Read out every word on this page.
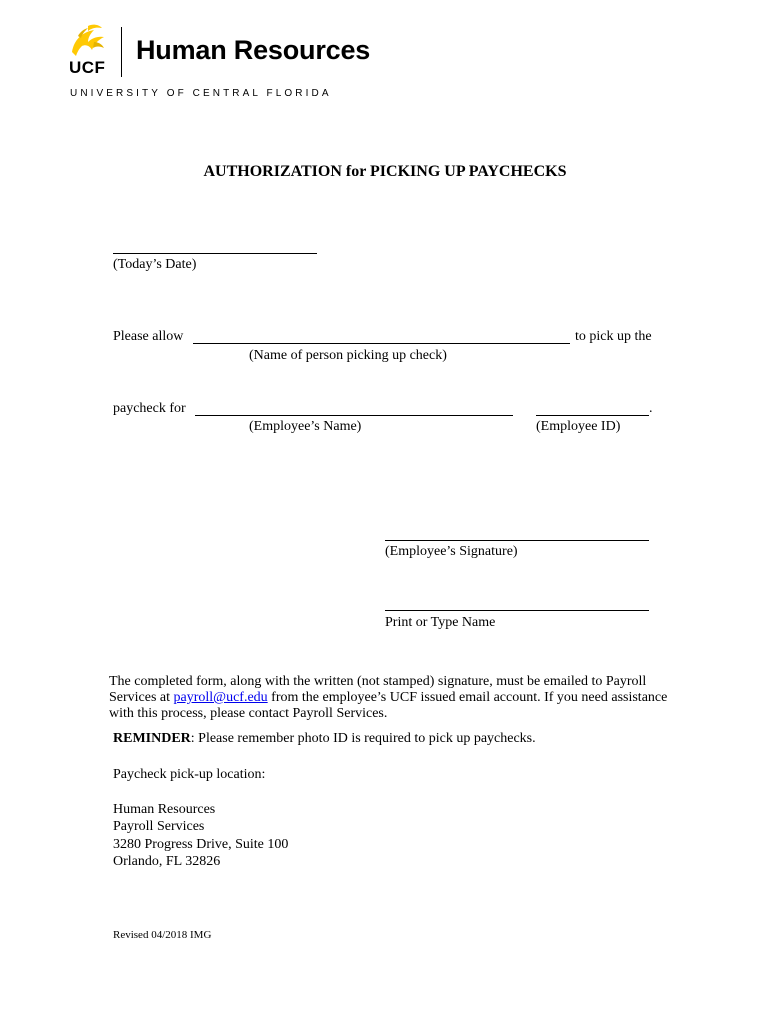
UCF
Human Resources
UNIVERSITY OF CENTRAL FLORIDA
AUTHORIZATION for PICKING UP PAYCHECKS
(Today’s Date)
Please allow	to pick up the
(Name of person picking up check)
paycheck for	.
(Employee’s Name)	(Employee ID)
(Employee’s Signature)
Print or Type Name
The completed form, along with the written (not stamped) signature, must be emailed to Payroll Services at payroll@ucf.edu from the employee’s UCF issued email account. If you need assistance with this process, please contact Payroll Services.
REMINDER: Please remember photo ID is required to pick up paychecks.
Paycheck pick-up location:
Human Resources
Payroll Services
3280 Progress Drive, Suite 100
Orlando, FL 32826
Revised 04/2018 IMG
